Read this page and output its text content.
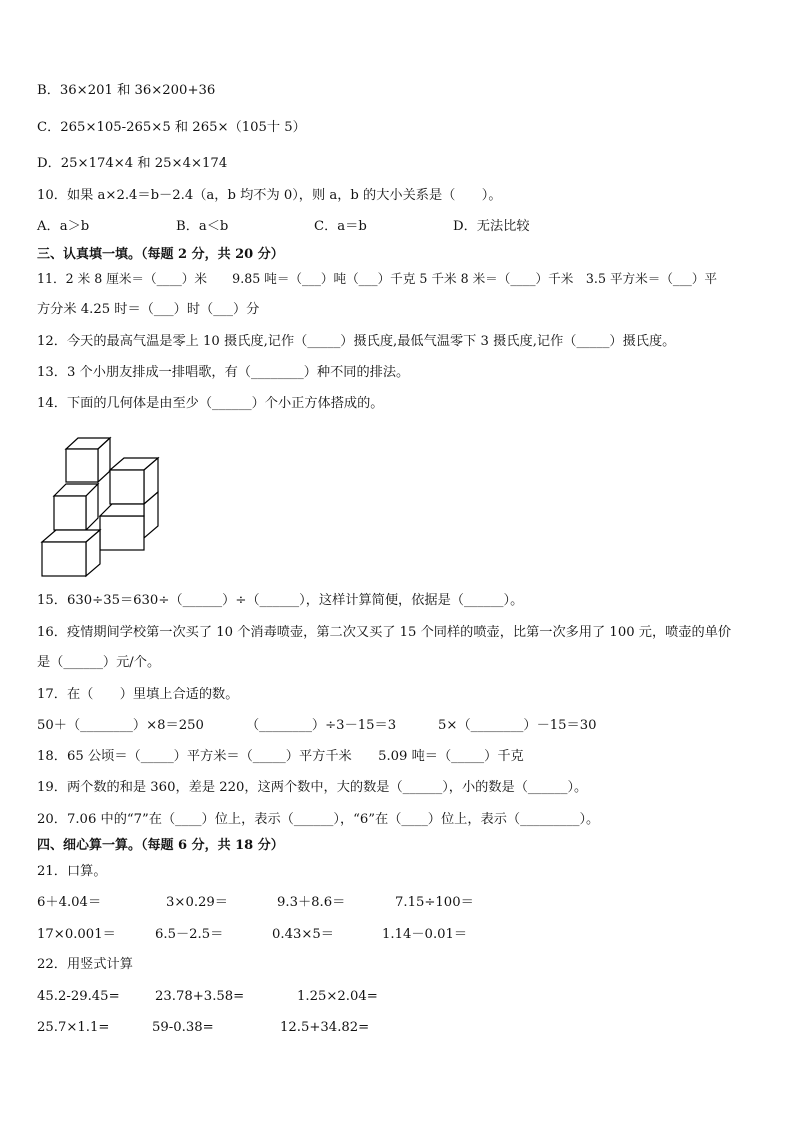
B．36×201 和 36×200+36
C．265×105-265×5 和 265×（105十 5）
D．25×174×4 和 25×4×174
10．如果 a×2.4＝b－2.4（a，b 均不为 0），则 a，b 的大小关系是（　　）。
A．a＞b	B．a＜b	C．a＝b	D．无法比较
三、认真填一填。（每题 2 分，共 20 分）
11．2 米 8 厘米＝（____）米　　9.85 吨＝（___）吨（___）千克 5 千米 8 米＝（____）千米　3.5 平方米＝（___）平
方分米 4.25 时＝（___）时（___）分
12．今天的最高气温是零上 10 摄氏度,记作（_____）摄氏度,最低气温零下 3 摄氏度,记作（_____）摄氏度。
13．3 个小朋友排成一排唱歌，有（________）种不同的排法。
14．下面的几何体是由至少（______）个小正方体搭成的。
15．630÷35＝630÷（______）÷（______），这样计算简便，依据是（______）。
16．疫情期间学校第一次买了 10 个消毒喷壶，第二次又买了 15 个同样的喷壶，比第一次多用了 100 元，喷壶的单价
是（______）元/个。
17．在（　　）里填上合适的数。
50＋（________）×8＝250	（________）÷3－15＝3	5×（________）－15＝30
18．65 公顷＝（_____）平方米＝（_____）平方千米　　5.09 吨＝（_____）千克
19．两个数的和是 360，差是 220，这两个数中，大的数是（______），小的数是（______）。
20．7.06 中的“7”在（____）位上，表示（______），“6”在（____）位上，表示（_________）。
四、细心算一算。（每题 6 分，共 18 分）
21．口算。
6＋4.04＝	3×0.29＝	9.3＋8.6＝	7.15÷100＝
17×0.001＝	6.5－2.5＝	0.43×5＝	1.14－0.01＝
22．用竖式计算
45.2-29.45=	23.78+3.58=	1.25×2.04=
25.7×1.1=	59-0.38=	12.5+34.82=
